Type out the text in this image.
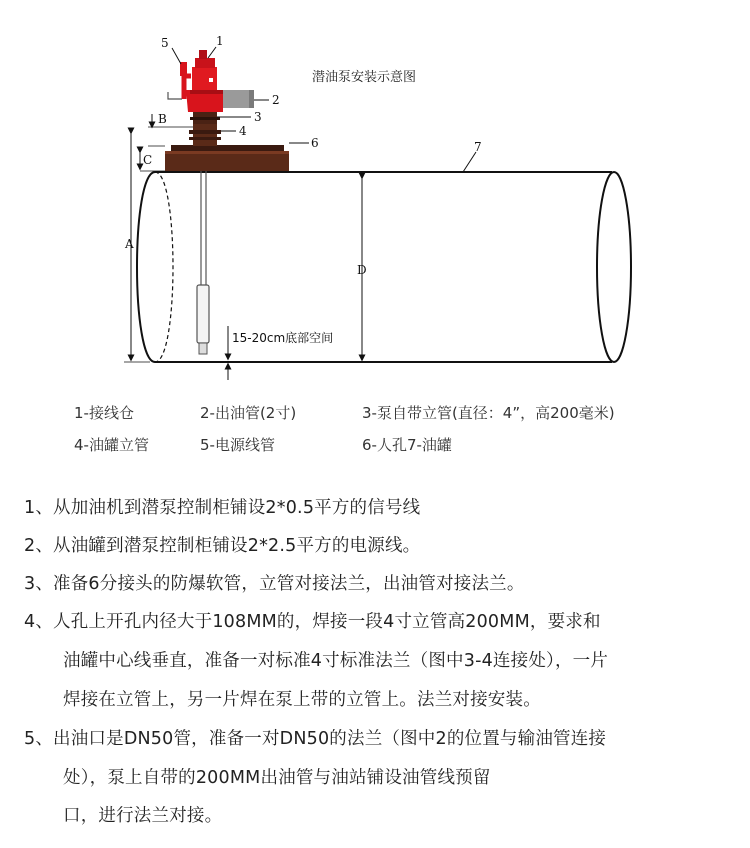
1
5
2
3
4
6	7
B
C
A
D
15-20cm底部空间
潜油泵安装示意图
1-接线仓	2-出油管(2寸)	3-泵自带立管(直径：4”，高200毫米)
4-油罐立管	5-电源线管	6-人孔7-油罐
1、从加油机到潜泵控制柜铺设2*0.5平方的信号线
2、从油罐到潜泵控制柜铺设2*2.5平方的电源线。
3、准备6分接头的防爆软管，立管对接法兰，出油管对接法兰。
4、人孔上开孔内径大于108MM的，焊接一段4寸立管高200MM，要求和
油罐中心线垂直，准备一对标准4寸标准法兰（图中3-4连接处），一片
焊接在立管上，另一片焊在泵上带的立管上。法兰对接安装。
5、出油口是DN50管，准备一对DN50的法兰（图中2的位置与输油管连接
处），泵上自带的200MM出油管与油站铺设油管线预留
口，进行法兰对接。
